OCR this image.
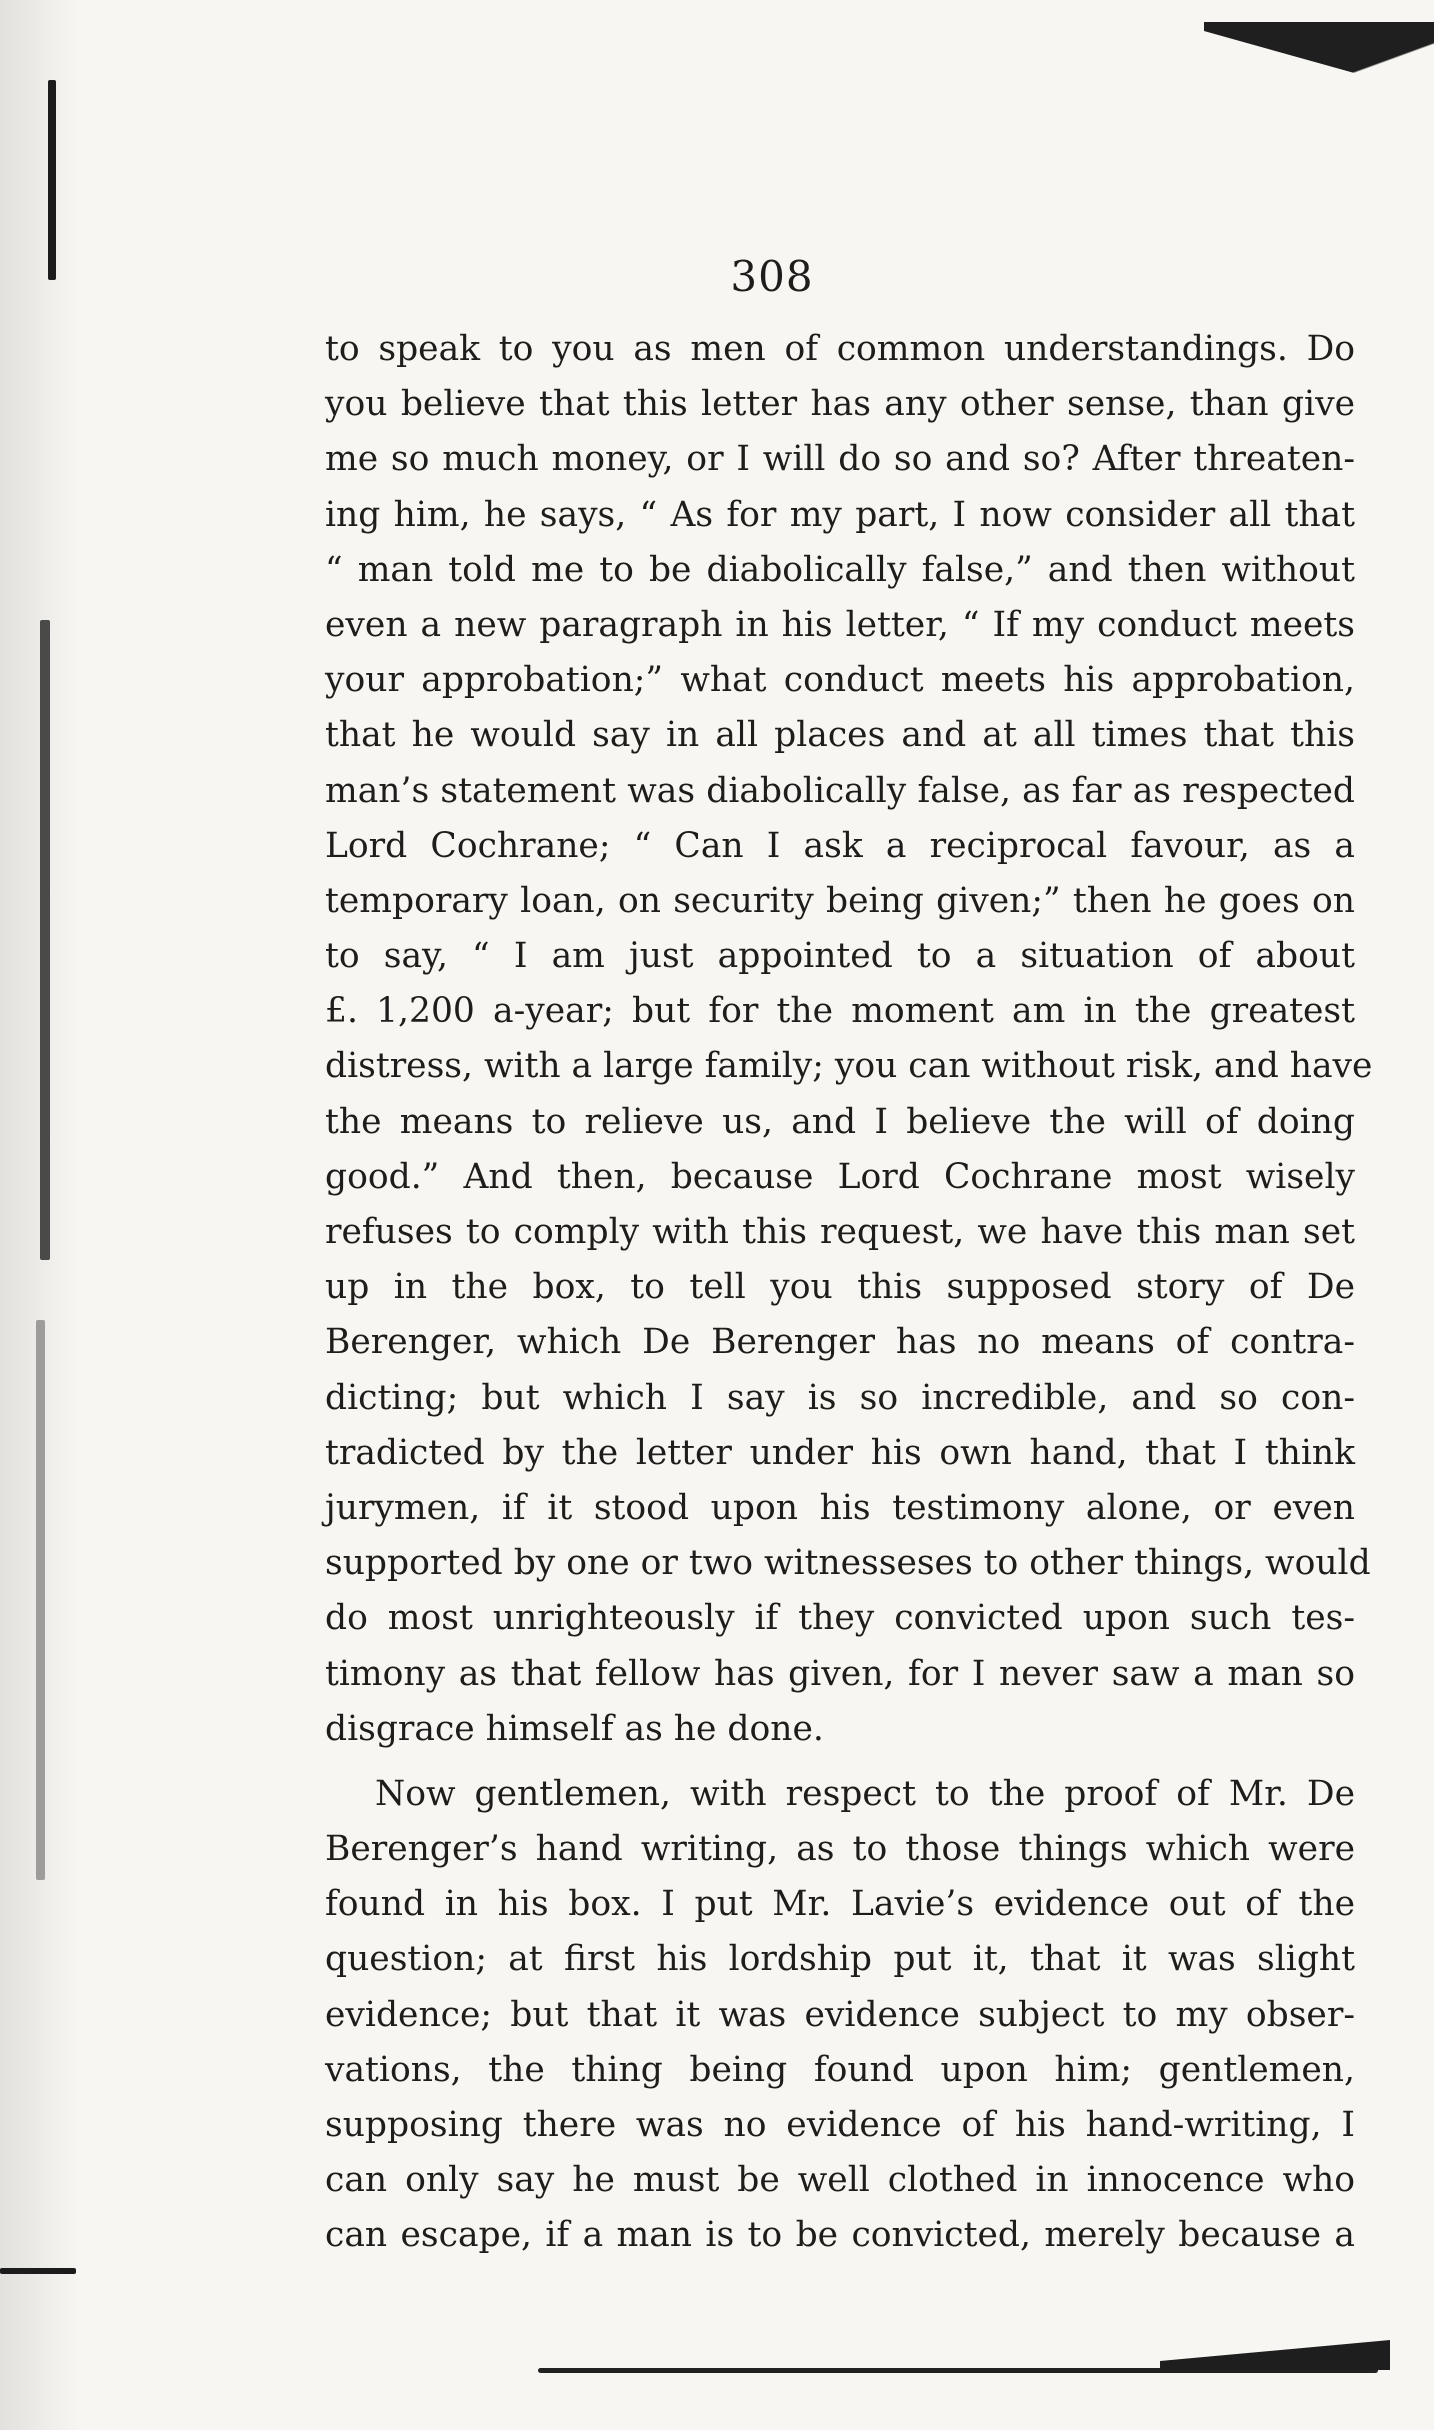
308
to speak to you as men of common understandings. Do
you believe that this letter has any other sense, than give
me so much money, or I will do so and so? After threaten-
ing him, he says, “ As for my part, I now consider all that
“ man told me to be diabolically false,” and then without
even a new paragraph in his letter, “ If my conduct meets
your approbation;” what conduct meets his approbation,
that he would say in all places and at all times that this
man’s statement was diabolically false, as far as respected
Lord Cochrane; “ Can I ask a reciprocal favour, as a
temporary loan, on security being given;” then he goes on
to say, “ I am just appointed to a situation of about
£. 1,200 a-year; but for the moment am in the greatest
distress, with a large family; you can without risk, and have
the means to relieve us, and I believe the will of doing
good.” And then, because Lord Cochrane most wisely
refuses to comply with this request, we have this man set
up in the box, to tell you this supposed story of De
Berenger, which De Berenger has no means of contra-
dicting; but which I say is so incredible, and so con-
tradicted by the letter under his own hand, that I think
jurymen, if it stood upon his testimony alone, or even
supported by one or two witnesseses to other things, would
do most unrighteously if they convicted upon such tes-
timony as that fellow has given, for I never saw a man so
disgrace himself as he done.
Now gentlemen, with respect to the proof of Mr. De
Berenger’s hand writing, as to those things which were
found in his box. I put Mr. Lavie’s evidence out of the
question; at first his lordship put it, that it was slight
evidence; but that it was evidence subject to my obser-
vations, the thing being found upon him; gentlemen,
supposing there was no evidence of his hand-writing, I
can only say he must be well clothed in innocence who
can escape, if a man is to be convicted, merely because a
